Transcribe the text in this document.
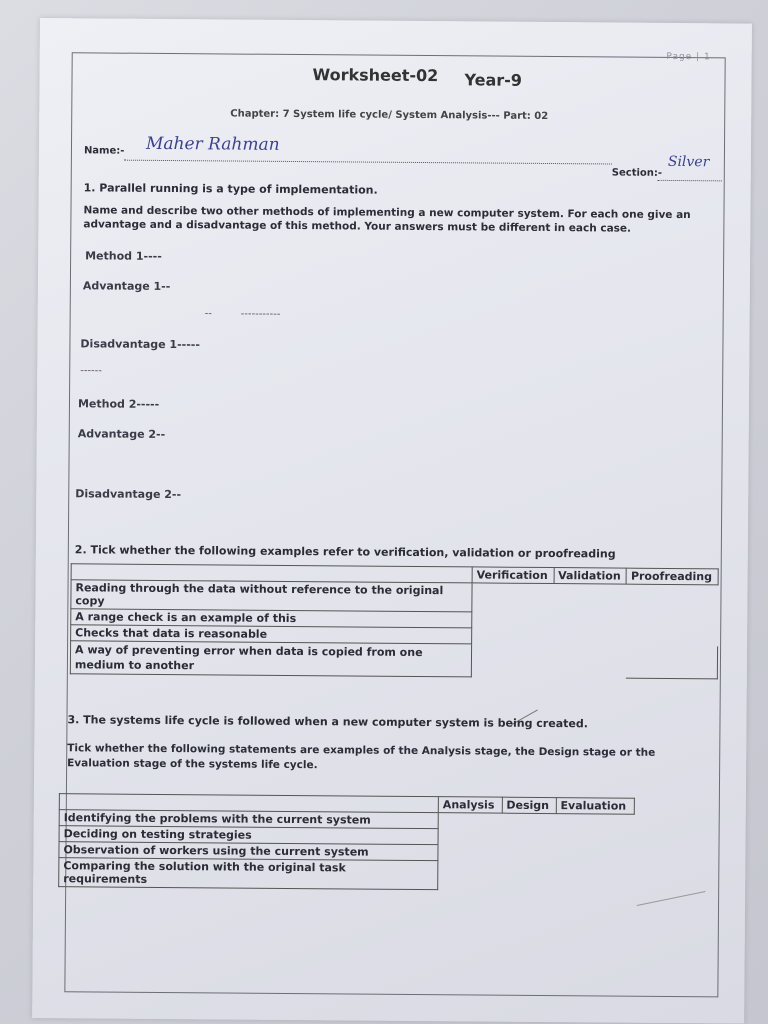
Page | 1
Worksheet-02 Year-9
Chapter: 7 System life cycle/ System Analysis--- Part: 02
Name:- Maher Rahman
Section:-
Silver
1. Parallel running is a type of implementation.
Name and describe two other methods of implementing a new computer system. For each one give an advantage and a disadvantage of this method. Your answers must be different in each case.
Method 1----
Advantage 1--
--	-----------
Disadvantage 1-----
------
Method 2-----
Advantage 2--
Disadvantage 2--
2. Tick whether the following examples refer to verification, validation or proofreading
	Verification	Validation	Proofreading
Reading through the data without reference to the original copy			
A range check is an example of this			
Checks that data is reasonable			
A way of preventing error when data is copied from one medium to another			
3. The systems life cycle is followed when a new computer system is being created.
Tick whether the following statements are examples of the Analysis stage, the Design stage or the Evaluation stage of the systems life cycle.
	Analysis	Design	Evaluation
Identifying the problems with the current system			
Deciding on testing strategies			
Observation of workers using the current system			
Comparing the solution with the original task requirements			
